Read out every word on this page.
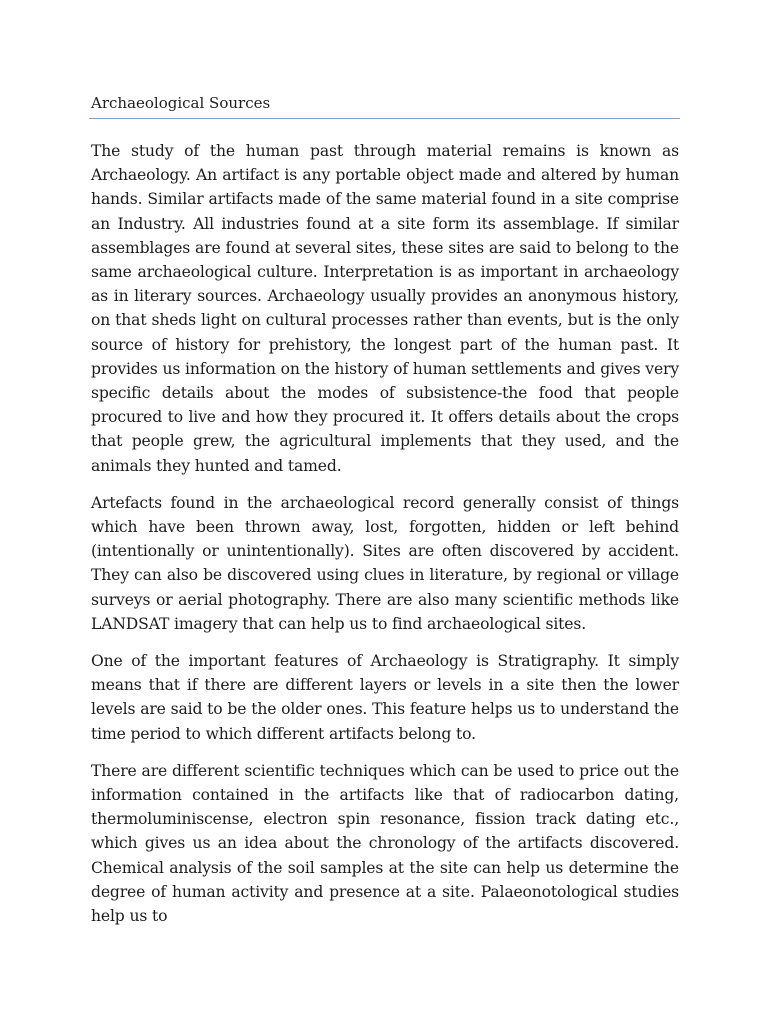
Archaeological Sources

The study of the human past through material remains is known as Archaeology. An artifact is any portable object made and altered by human hands. Similar artifacts made of the same material found in a site comprise an Industry. All industries found at a site form its assemblage. If similar assemblages are found at several sites, these sites are said to belong to the same archaeological culture. Interpretation is as important in archaeology as in literary sources. Archaeology usually provides an anonymous history, on that sheds light on cultural processes rather than events, but is the only source of history for prehistory, the longest part of the human past. It provides us information on the history of human settlements and gives very specific details about the modes of subsistence-the food that people procured to live and how they procured it. It offers details about the crops that people grew, the agricultural implements that they used, and the animals they hunted and tamed.

Artefacts found in the archaeological record generally consist of things which have been thrown away, lost, forgotten, hidden or left behind (intentionally or unintentionally). Sites are often discovered by accident. They can also be discovered using clues in literature, by regional or village surveys or aerial photography. There are also many scientific methods like LANDSAT imagery that can help us to find archaeological sites.

One of the important features of Archaeology is Stratigraphy. It simply means that if there are different layers or levels in a site then the lower levels are said to be the older ones. This feature helps us to understand the time period to which different artifacts belong to.

There are different scientific techniques which can be used to price out the information contained in the artifacts like that of radiocarbon dating, thermoluminiscense, electron spin resonance, fission track dating etc., which gives us an idea about the chronology of the artifacts discovered. Chemical analysis of the soil samples at the site can help us determine the degree of human activity and presence at a site. Palaeonotological studies help us to
